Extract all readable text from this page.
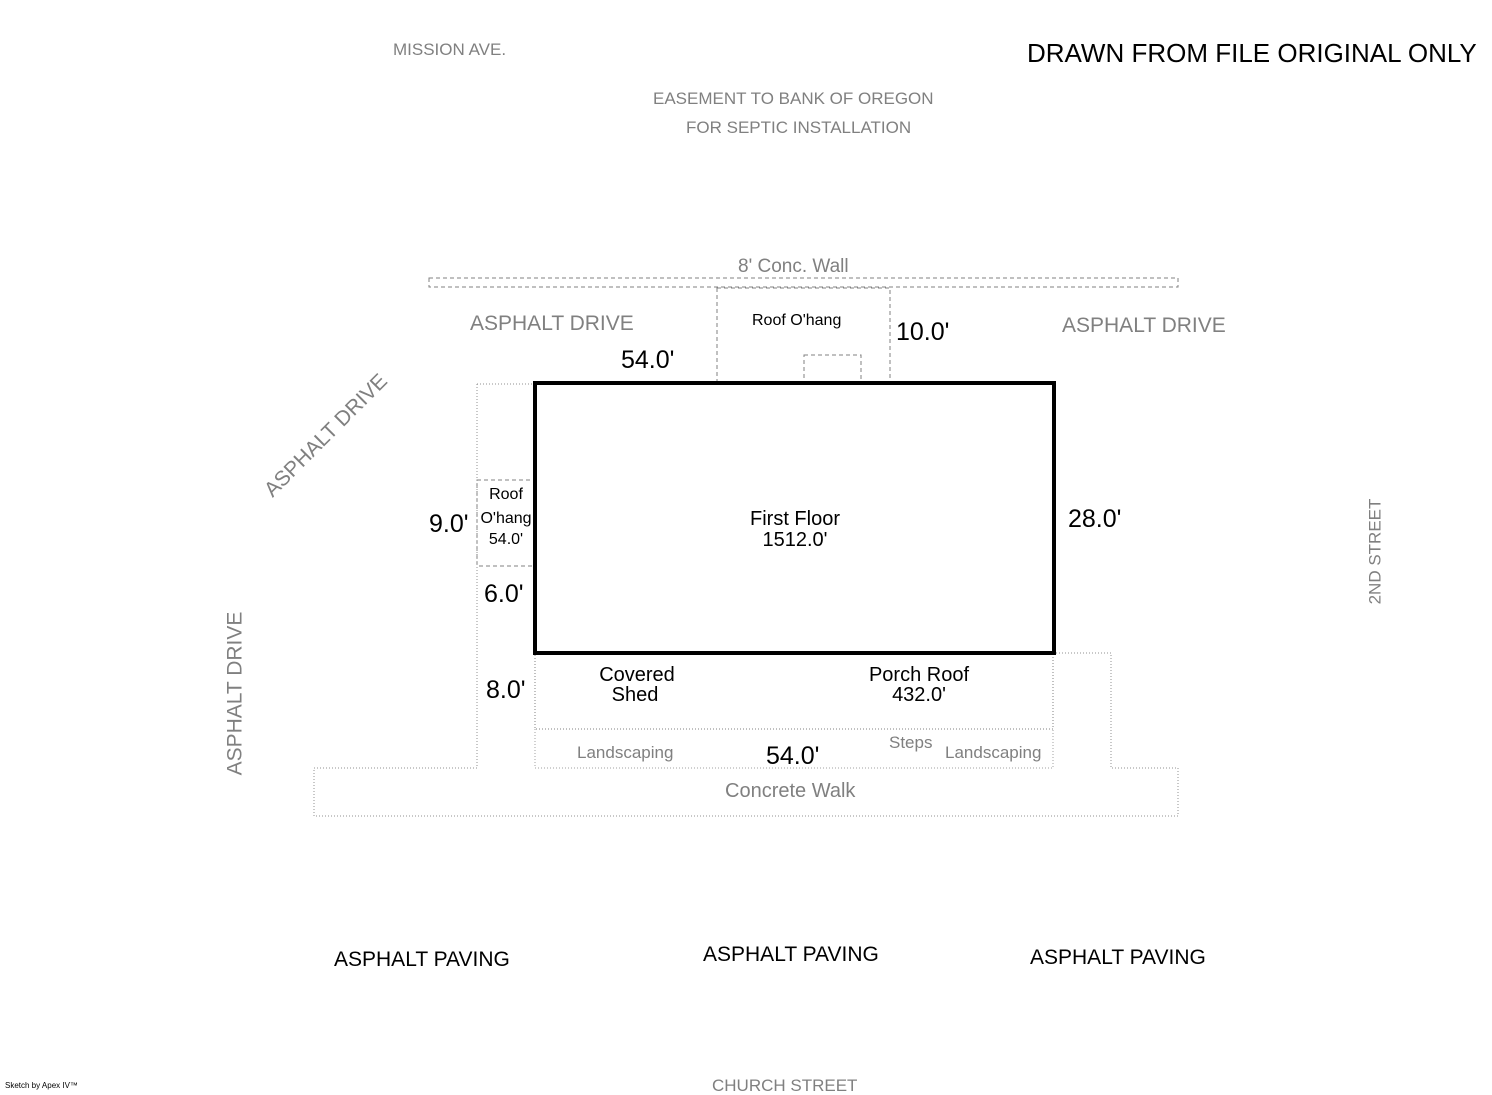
MISSION AVE.	DRAWN FROM FILE ORIGINAL ONLY
EASEMENT TO BANK OF OREGON
FOR SEPTIC INSTALLATION
8' Conc. Wall
ASPHALT DRIVE	ASPHALT DRIVE
ASPHALT DRIVE
ASPHALT DRIVE
2ND STREET
54.0'
10.0'
28.0'
9.0'
6.0'
8.0'
54.0'
Roof O'hang
Roof
O'hang
54.0'
First Floor
1512.0'
Covered
Shed
Porch Roof
432.0'
Landscaping
Steps
Landscaping
Concrete Walk
ASPHALT PAVING	ASPHALT PAVING	ASPHALT PAVING
CHURCH STREET
Sketch by Apex IV™
